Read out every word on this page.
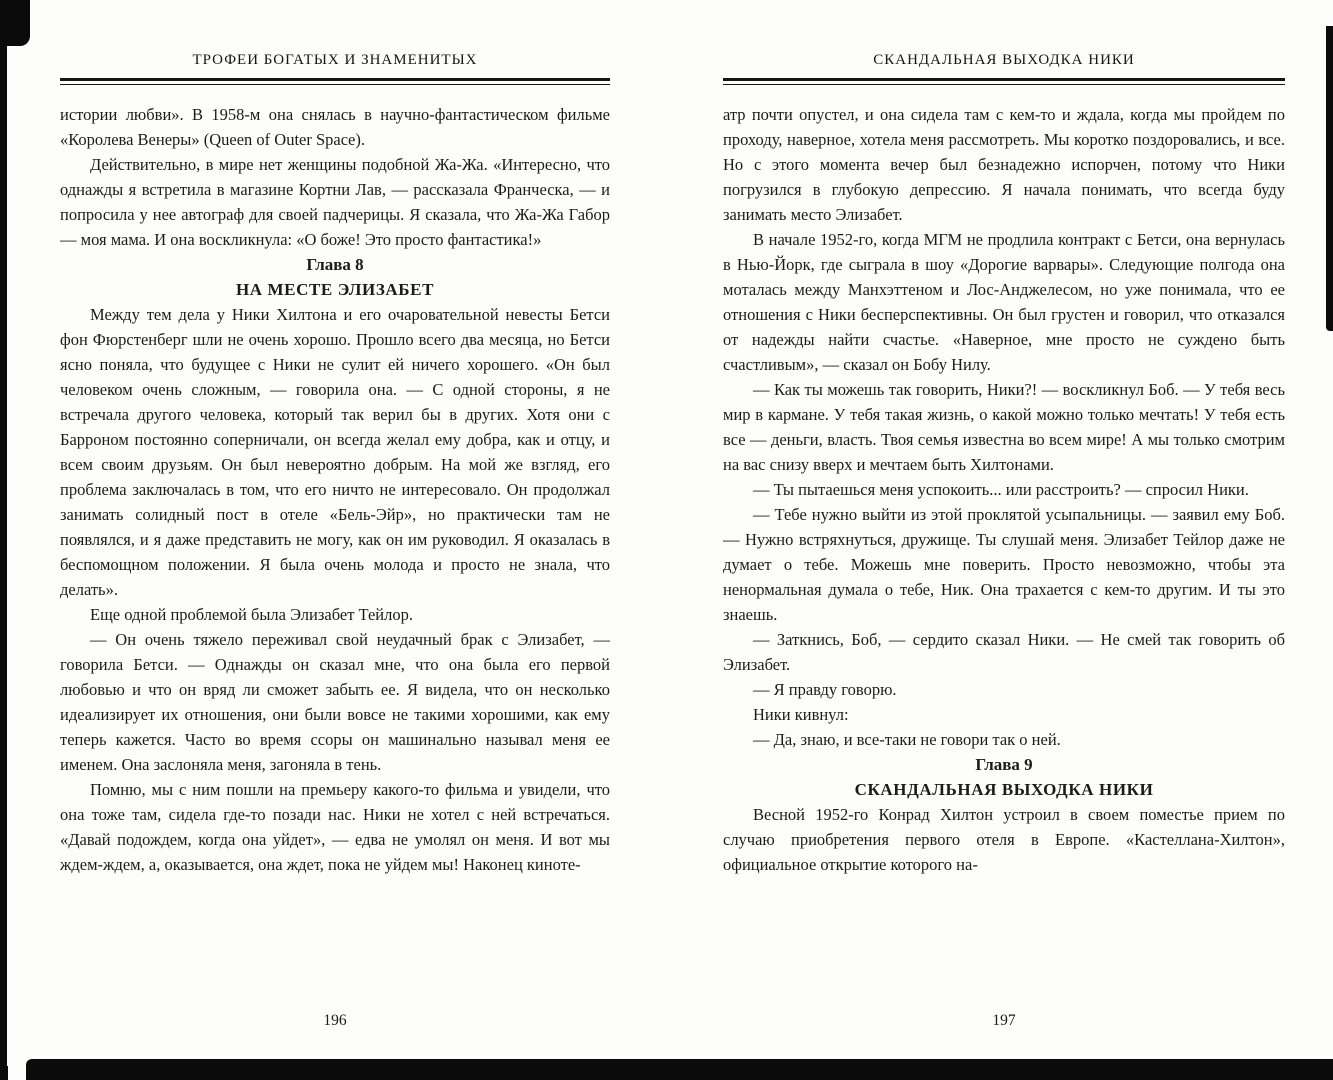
ТРОФЕИ БОГАТЫХ И ЗНАМЕНИТЫХ

истории любви». В 1958-м она снялась в научно-фантастическом фильме «Королева Венеры» (Queen of Outer Space).

Действительно, в мире нет женщины подобной Жа-Жа. «Интересно, что однажды я встретила в магазине Кортни Лав, — рассказала Франческа, — и попросила у нее автограф для своей падчерицы. Я сказала, что Жа-Жа Габор — моя мама. И она воскликнула: «О боже! Это просто фантастика!»

Глава 8

НА МЕСТЕ ЭЛИЗАБЕТ

Между тем дела у Ники Хилтона и его очаровательной невесты Бетси фон Фюрстенберг шли не очень хорошо. Прошло всего два месяца, но Бетси ясно поняла, что будущее с Ники не сулит ей ничего хорошего. «Он был человеком очень сложным, — говорила она. — С одной стороны, я не встречала другого человека, который так верил бы в других. Хотя они с Барроном постоянно соперничали, он всегда желал ему добра, как и отцу, и всем своим друзьям. Он был невероятно добрым. На мой же взгляд, его проблема заключалась в том, что его ничто не интересовало. Он продолжал занимать солидный пост в отеле «Бель-Эйр», но практически там не появлялся, и я даже представить не могу, как он им руководил. Я оказалась в беспомощном положении. Я была очень молода и просто не знала, что делать».

Еще одной проблемой была Элизабет Тейлор.

— Он очень тяжело переживал свой неудачный брак с Элизабет, — говорила Бетси. — Однажды он сказал мне, что она была его первой любовью и что он вряд ли сможет забыть ее. Я видела, что он несколько идеализирует их отношения, они были вовсе не такими хорошими, как ему теперь кажется. Часто во время ссоры он машинально называл меня ее именем. Она заслоняла меня, загоняла в тень.

Помню, мы с ним пошли на премьеру какого-то фильма и увидели, что она тоже там, сидела где-то позади нас. Ники не хотел с ней встречаться. «Давай подождем, когда она уйдет», — едва не умолял он меня. И вот мы ждем-ждем, а, оказывается, она ждет, пока не уйдем мы! Наконец киноте-

196
СКАНДАЛЬНАЯ ВЫХОДКА НИКИ

атр почти опустел, и она сидела там с кем-то и ждала, когда мы пройдем по проходу, наверное, хотела меня рассмотреть. Мы коротко поздоровались, и все. Но с этого момента вечер был безнадежно испорчен, потому что Ники погрузился в глубокую депрессию. Я начала понимать, что всегда буду занимать место Элизабет.

В начале 1952-го, когда МГМ не продлила контракт с Бетси, она вернулась в Нью-Йорк, где сыграла в шоу «Дорогие варвары». Следующие полгода она моталась между Манхэттеном и Лос-Анджелесом, но уже понимала, что ее отношения с Ники бесперспективны. Он был грустен и говорил, что отказался от надежды найти счастье. «Наверное, мне просто не суждено быть счастливым», — сказал он Бобу Нилу.

— Как ты можешь так говорить, Ники?! — воскликнул Боб. — У тебя весь мир в кармане. У тебя такая жизнь, о какой можно только мечтать! У тебя есть все — деньги, власть. Твоя семья известна во всем мире! А мы только смотрим на вас снизу вверх и мечтаем быть Хилтонами.

— Ты пытаешься меня успокоить... или расстроить? — спросил Ники.

— Тебе нужно выйти из этой проклятой усыпальницы. — заявил ему Боб. — Нужно встряхнуться, дружище. Ты слушай меня. Элизабет Тейлор даже не думает о тебе. Можешь мне поверить. Просто невозможно, чтобы эта ненормальная думала о тебе, Ник. Она трахается с кем-то другим. И ты это знаешь.

— Заткнись, Боб, — сердито сказал Ники. — Не смей так говорить об Элизабет.

— Я правду говорю.

Ники кивнул:

— Да, знаю, и все-таки не говори так о ней.

Глава 9

СКАНДАЛЬНАЯ ВЫХОДКА НИКИ

Весной 1952-го Конрад Хилтон устроил в своем поместье прием по случаю приобретения первого отеля в Европе. «Кастеллана-Хилтон», официальное открытие которого на-

197
